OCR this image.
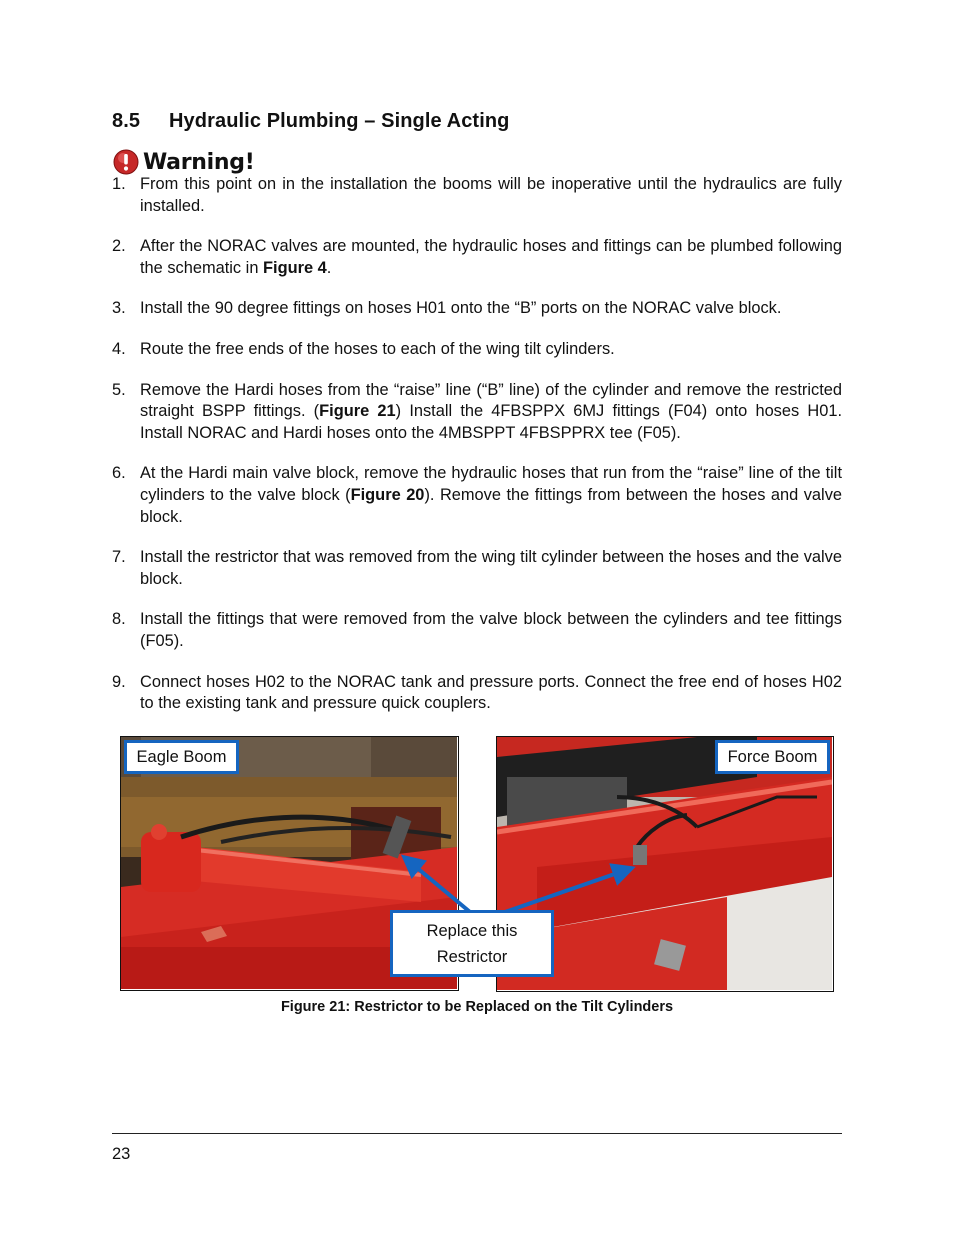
8.5 Hydraulic Plumbing – Single Acting
Warning!
1. From this point on in the installation the booms will be inoperative until the hydraulics are fully installed.
2. After the NORAC valves are mounted, the hydraulic hoses and fittings can be plumbed following the schematic in Figure 4.
3. Install the 90 degree fittings on hoses H01 onto the “B” ports on the NORAC valve block.
4. Route the free ends of the hoses to each of the wing tilt cylinders.
5. Remove the Hardi hoses from the “raise” line (“B” line) of the cylinder and remove the restricted straight BSPP fittings. (Figure 21) Install the 4FBSPPX 6MJ fittings (F04) onto hoses H01. Install NORAC and Hardi hoses onto the 4MBSPPT 4FBSPPRX tee (F05).
6. At the Hardi main valve block, remove the hydraulic hoses that run from the “raise” line of the tilt cylinders to the valve block (Figure 20). Remove the fittings from between the hoses and valve block.
7. Install the restrictor that was removed from the wing tilt cylinder between the hoses and the valve block.
8. Install the fittings that were removed from the valve block between the cylinders and tee fittings (F05).
9. Connect hoses H02 to the NORAC tank and pressure ports. Connect the free end of hoses H02 to the existing tank and pressure quick couplers.
Eagle Boom	Force Boom
Replace this
Restrictor
Figure 21: Restrictor to be Replaced on the Tilt Cylinders
23
